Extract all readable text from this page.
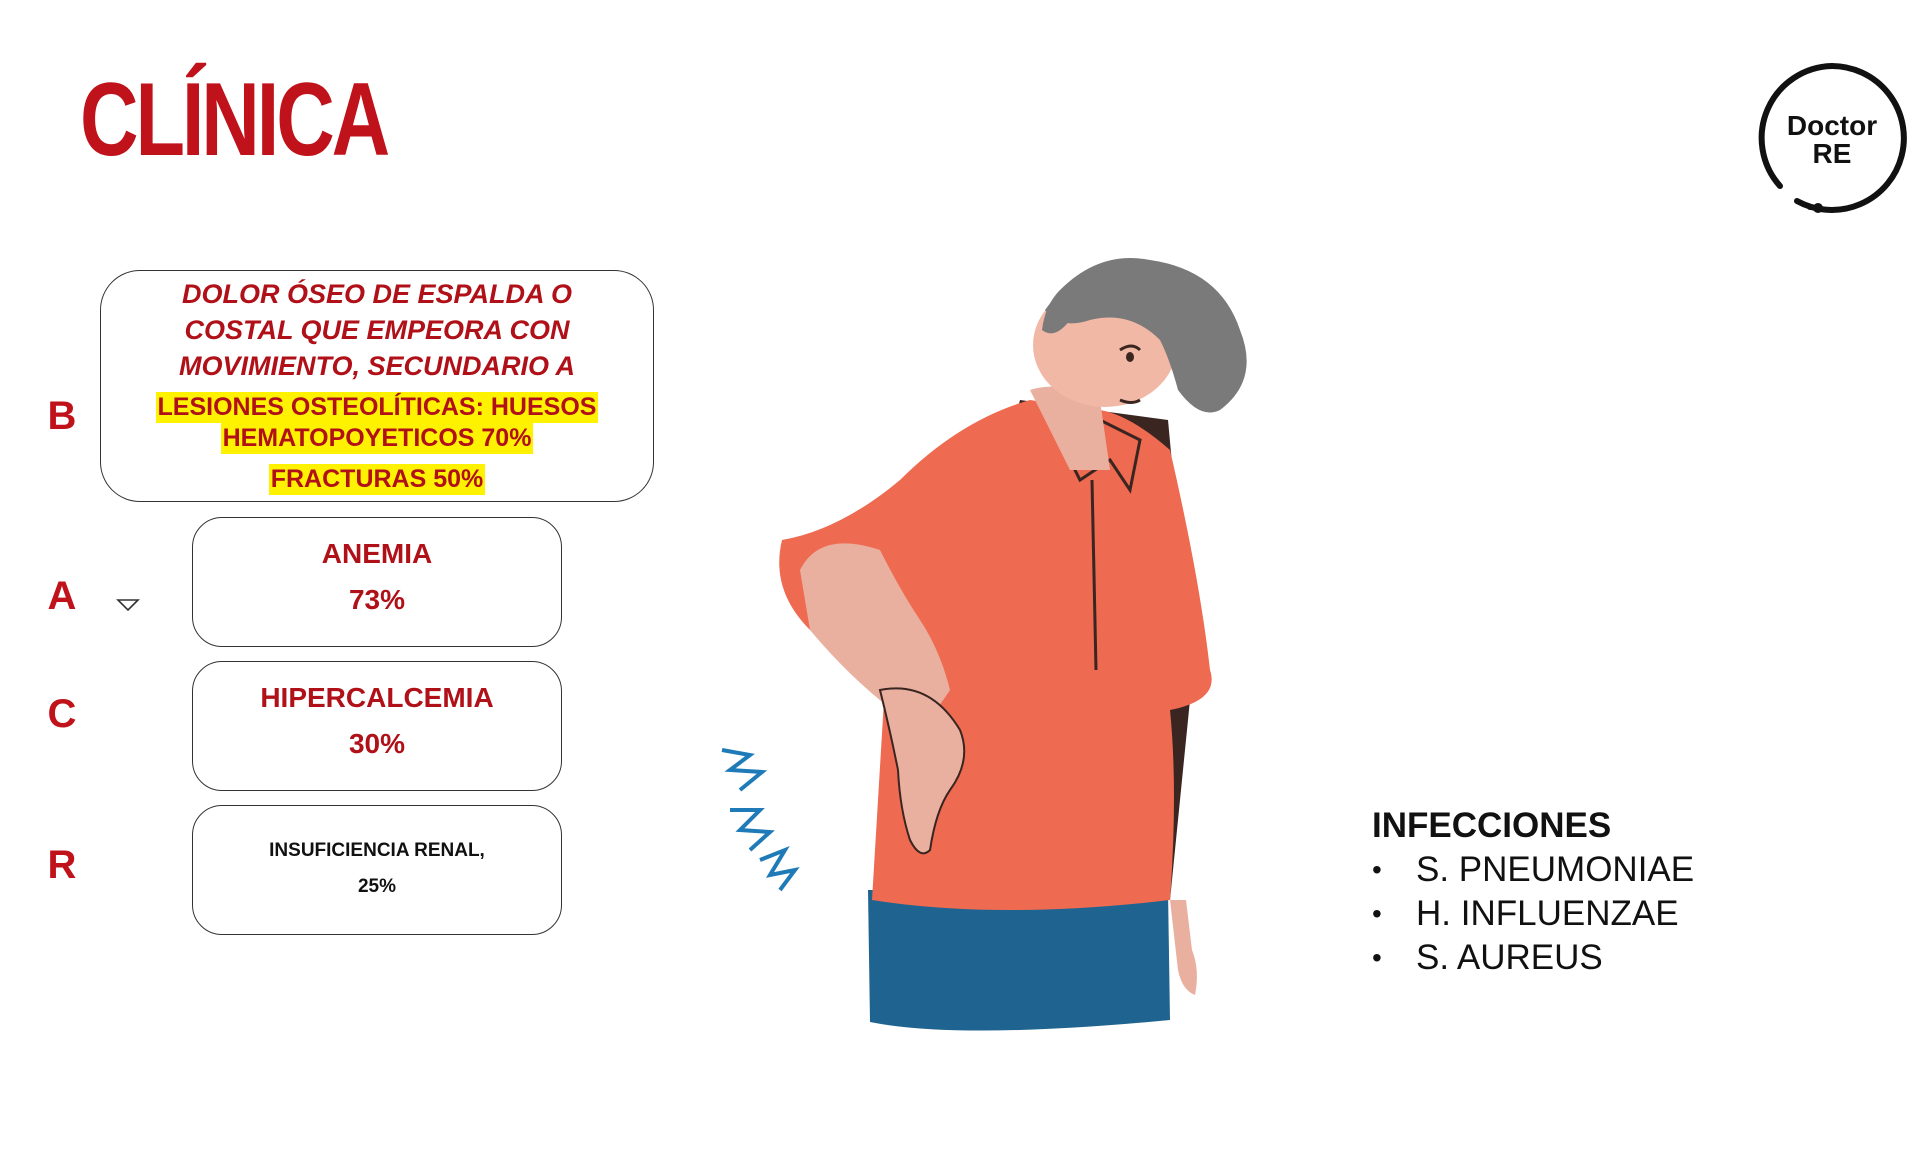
CLÍNICA	Doctor
RE
B
DOLOR ÓSEO DE ESPALDA O
COSTAL QUE EMPEORA CON
MOVIMIENTO, SECUNDARIO A
LESIONES OSTEOLÍTICAS: HUESOS
HEMATOPOYETICOS 70%
FRACTURAS 50%
A
ANEMIA
73%
C	HIPERCALCEMIA
30%
R	INSUFICIENCIA RENAL,
25%
INFECCIONES
• S. PNEUMONIAE
• H. INFLUENZAE
• S. AUREUS
